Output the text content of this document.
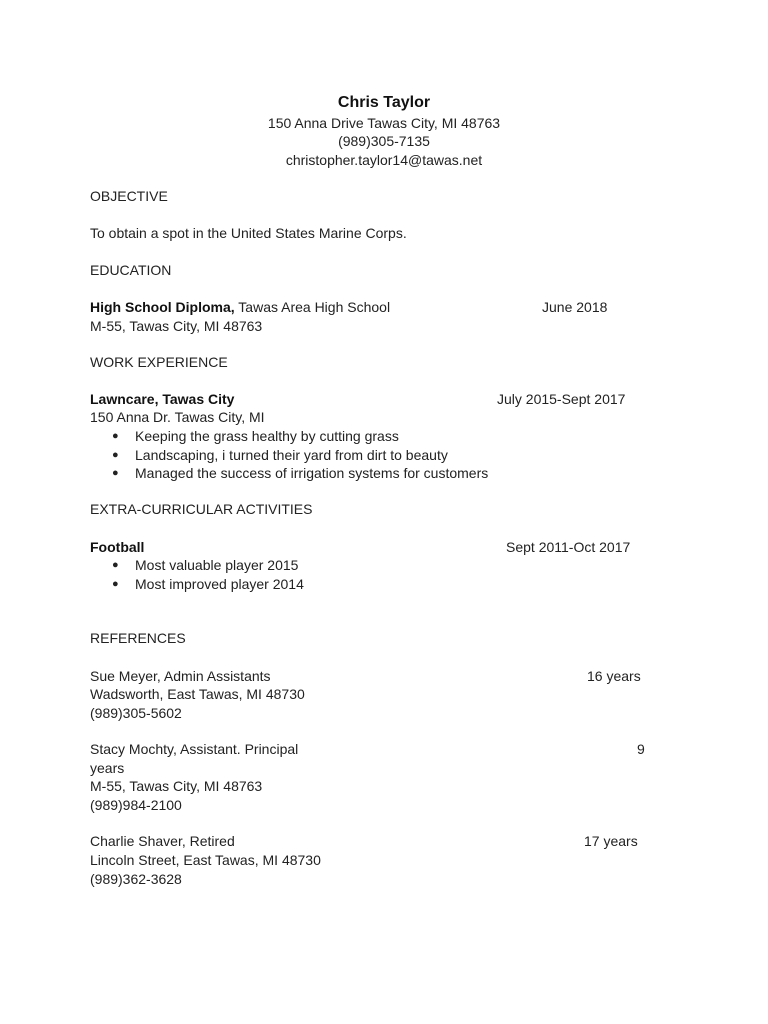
Chris Taylor
150 Anna Drive Tawas City, MI 48763
(989)305-7135
christopher.taylor14@tawas.net
OBJECTIVE
To obtain a spot in the United States Marine Corps.
EDUCATION
High School Diploma, Tawas Area High School	June 2018
M-55, Tawas City, MI 48763
WORK EXPERIENCE
Lawncare, Tawas City	July 2015-Sept 2017
150 Anna Dr. Tawas City, MI
● Keeping the grass healthy by cutting grass
● Landscaping, i turned their yard from dirt to beauty
● Managed the success of irrigation systems for customers
EXTRA-CURRICULAR ACTIVITIES
Football	Sept 2011-Oct 2017
● Most valuable player 2015
● Most improved player 2014
REFERENCES
Sue Meyer, Admin Assistants	16 years
Wadsworth, East Tawas, MI 48730
(989)305-5602
Stacy Mochty, Assistant. Principal	9
years
M-55, Tawas City, MI 48763
(989)984-2100
Charlie Shaver, Retired	17 years
Lincoln Street, East Tawas, MI 48730
(989)362-3628
